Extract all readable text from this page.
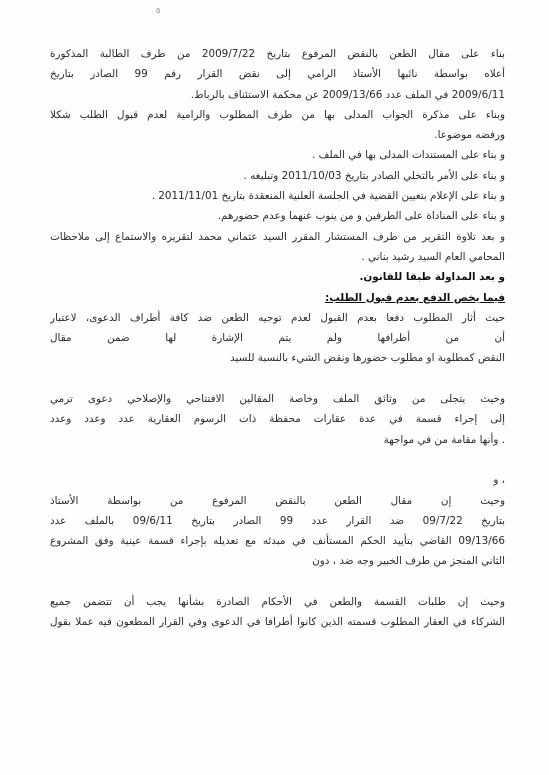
٥
بناء على مقال الطعن بالنقض المرفوع بتاريخ 2009/7/22 من طرف الطالبة المذكورة
أعلاه بواسطة نائبها الأستاذ الرامي إلى نقض القرار رقم 99 الصادر بتاريخ
2009/6/11 في الملف عدد 2009/13/66 عن محكمة الاستئناف بالرباط.
وبناء على مذكرة الجواب المدلى بها من طرف المطلوب والرامية لعدم قبول الطلب شكلا
ورفضه موضوعا.
و بناء على المستندات المدلى بها في الملف .
و بناء على الأمر بالتخلي الصادر بتاريخ 2011/10/03 وتبليغه .
و بناء على الإعلام بتعيين القضية في الجلسة العلنية المنعقدة بتاريخ 2011/11/01 .
و بناء على المناداة على الطرفين و من ينوب عنهما وعدم حضورهم.
و بعد تلاوة التقرير من طرف المستشار المقرر السيد عثماني محمد لتقريره والاستماع إلى ملاحظات
المحامي العام السيد رشيد بناني .
و بعد المداولة طبقا للقانون.
فيما يخص الدفع بعدم قبول الطلب:
حيث أثار المطلوب دفعا بعدم القبول لعدم توجيه الطعن ضد كافة أطراف الدعوى، لاعتبار
أن من أطرافها ولم يتم الإشارة لها ضمن مقال
النقض كمطلوبة او مطلوب حضورها ونقض الشيء بالنسبة للسيد
وحيث يتجلى من وثائق الملف وخاصة المقالين الافتتاحي والإصلاحي دعوى ترمي
إلى إجراء قسمة في عدة عقارات محفظة ذات الرسوم العقارية عدد وعدد وعدد
. وأنها مقامة من في مواجهة
، و
وحيث إن مقال الطعن بالنقض المرفوع من بواسطة الأستاذ
بتاريخ 09/7/22 ضد القرار عدد 99 الصادر بتاريخ 09/6/11 بالملف عدد
09/13/66 القاضي بتأييد الحكم المستأنف في مبدئه مع تعديله بإجراء قسمة عينية وفق المشروع
الثاني المنجز من طرف الخبير وجه ضد ، دون
وحيث إن طلبات القسمة والطعن في الأحكام الصادرة بشأنها يجب أن تتضمن جميع
الشركاء في العقار المطلوب قسمته الذين كانوا أطرافا في الدعوى وفي القرار المطعون فيه عملا بقول
